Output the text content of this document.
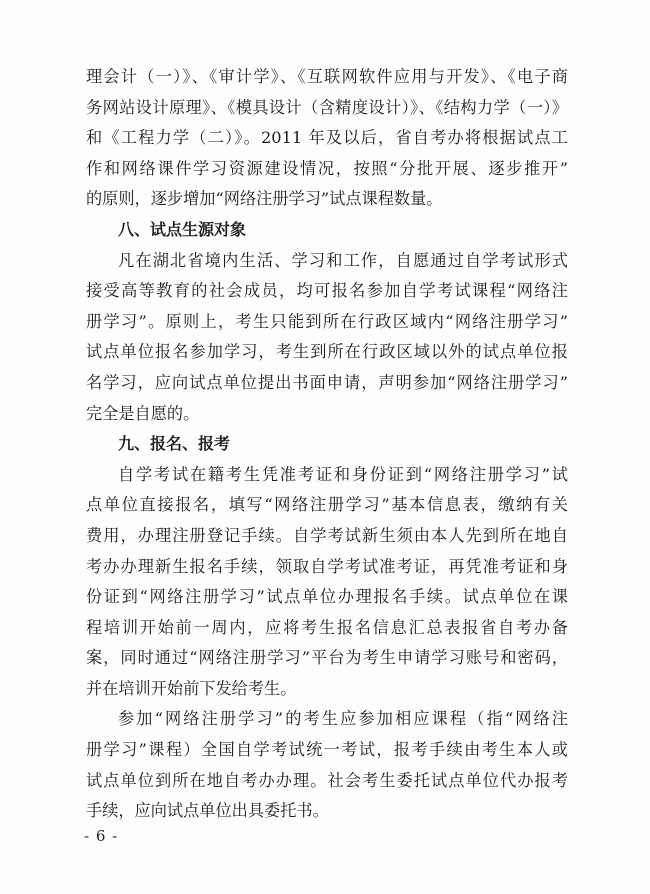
理会计（一）》、《审计学》、《互联网软件应用与开发》、《电子商
务网站设计原理》、《模具设计（含精度设计）》、《结构力学（一）》
和《工程力学（二）》。2011 年及以后，省自考办将根据试点工
作和网络课件学习资源建设情况，按照“分批开展、逐步推开”
的原则，逐步增加“网络注册学习”试点课程数量。
八、试点生源对象
凡在湖北省境内生活、学习和工作，自愿通过自学考试形式
接受高等教育的社会成员，均可报名参加自学考试课程“网络注
册学习”。原则上，考生只能到所在行政区域内“网络注册学习”
试点单位报名参加学习，考生到所在行政区域以外的试点单位报
名学习，应向试点单位提出书面申请，声明参加“网络注册学习”
完全是自愿的。
九、报名、报考
自学考试在籍考生凭准考证和身份证到“网络注册学习”试
点单位直接报名，填写“网络注册学习”基本信息表，缴纳有关
费用，办理注册登记手续。自学考试新生须由本人先到所在地自
考办办理新生报名手续，领取自学考试准考证，再凭准考证和身
份证到“网络注册学习”试点单位办理报名手续。试点单位在课
程培训开始前一周内，应将考生报名信息汇总表报省自考办备
案，同时通过“网络注册学习”平台为考生申请学习账号和密码，
并在培训开始前下发给考生。
参加“网络注册学习”的考生应参加相应课程（指“网络注
册学习”课程）全国自学考试统一考试，报考手续由考生本人或
试点单位到所在地自考办办理。社会考生委托试点单位代办报考
手续，应向试点单位出具委托书。
- 6 -
